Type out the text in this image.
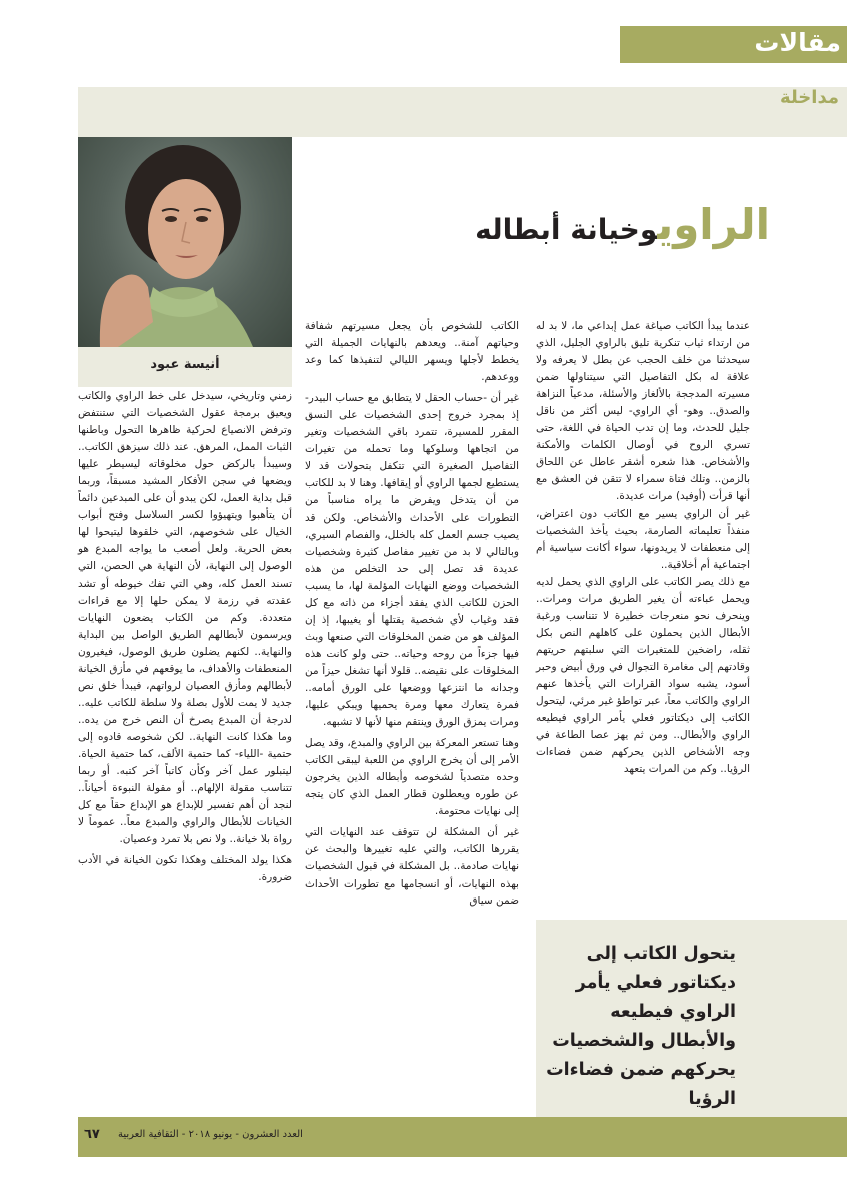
مقالات
مداخلة
أنيسة عبود
الراويوخيانة أبطاله

عندما يبدأ الكاتب صياغة عمل إبداعي ما، لا بد له من ارتداء ثياب تنكرية تليق بالراوي الجليل، الذي سيحدثنا من خلف الحجب عن بطل لا يعرفه ولا علاقة له بكل التفاصيل التي سيتناولها ضمن مسيرته المدججة بالألغاز والأسئلة، مدعياً النزاهة والصدق.. وهو- أي الراوي- ليس أكثر من ناقل جليل للحدث، وما إن تدب الحياة في اللغة، حتى تسري الروح في أوصال الكلمات والأمكنة والأشخاص. هذا شعره أشقر عاطل عن اللحاق بالزمن.. وتلك فتاة سمراء لا تتقن فن العشق مع أنها قرأت (أوفيد) مرات عديدة.

غير أن الراوي يسير مع الكاتب دون اعتراض، منفذاً تعليماته الصارمة، بحيث يأخذ الشخصيات إلى منعطفات لا يريدونها، سواء أكانت سياسية أم اجتماعية أم أخلاقية..

مع ذلك يصر الكاتب على الراوي الذي يحمل لديه ويحمل عباءته أن يغير الطريق مرات ومرات.. وينحرف نحو منعرجات خطيرة لا تتناسب ورغبة الأبطال الذين يحملون على كاهلهم النص بكل ثقله، راضخين للمتغيرات التي سلبتهم حريتهم وقادتهم إلى مغامرة التجوال في ورق أبيض وحبر أسود، يشبه سواد القرارات التي يأخذها عنهم الراوي والكاتب معاً، عبر تواطؤ غير مرئي، ليتحول الكاتب إلى ديكتاتور فعلي يأمر الراوي فيطيعه الراوي والأبطال.. ومن ثم يهز عصا الطاعة في وجه الأشخاص الذين يحركهم ضمن فضاءات الرؤيا.. وكم من المرات يتعهد

الكاتب للشخوص بأن يجعل مسيرتهم شفافة وحياتهم آمنة.. ويعدهم بالنهايات الجميلة التي يخطط لأجلها ويسهر الليالي لتنفيذها كما وعد ووعدهم.

غير أن -حساب الحقل لا يتطابق مع حساب البيدر- إذ بمجرد خروج إحدى الشخصيات على النسق المقرر للمسيرة، تتمرد باقي الشخصيات وتغير من اتجاهها وسلوكها وما تحمله من تغيرات التفاصيل الصغيرة التي تتكفل بتحولات قد لا يستطيع لجمها الراوي أو إيقافها. وهنا لا بد للكاتب من أن يتدخل ويفرض ما يراه مناسباً من التطورات على الأحداث والأشخاص. ولكن قد يصيب جسم العمل كله بالخلل، والفصام السيري، وبالتالي لا بد من تغيير مفاصل كثيرة وشخصيات عديدة قد تصل إلى حد التخلص من هذه الشخصيات ووضع النهايات المؤلمة لها، ما يسبب الحزن للكاتب الذي يفقد أجزاء من ذاته مع كل فقد وغياب لأي شخصية يقتلها أو يغيبها، إذ إن المؤلف هو من ضمن المخلوقات التي صنعها وبث فيها جزءاً من روحه وحياته.. حتى ولو كانت هذه المخلوقات على نقيضه.. قلولا أنها تشغل حيزاً من وجدانه ما انتزعها ووضعها على الورق أمامه.. فمرة يتعارك معها ومرة يحميها ويبكي عليها، ومرات يمزق الورق وينتقم منها لأنها لا تشبهه.

وهنا تستعر المعركة بين الراوي والمبدع، وقد يصل الأمر إلى أن يخرج الراوي من اللعبة ليبقى الكاتب وحده متصدياً لشخوصه وأبطاله الذين يخرجون عن طوره ويعطلون قطار العمل الذي كان يتجه إلى نهايات محتومة.

غير أن المشكلة لن تتوقف عند النهايات التي يقررها الكاتب، والتي عليه تغييرها والبحث عن نهايات صادمة.. بل المشكلة في قبول الشخصيات بهذه النهايات، أو انسجامها مع تطورات الأحداث ضمن سياق

زمني وتاريخي، سيدخل على خط الراوي والكاتب ويعيق برمجة عقول الشخصيات التي ستنتفض وترفض الانصياع لحركية ظاهرها التحول وباطنها الثبات الممل، المرهق. عند ذلك سيزهق الكاتب.. وسيبدأ بالركض حول مخلوقاته ليسيطر عليها ويضعها في سجن الأفكار المشيد مسبقاً، وربما قبل بداية العمل، لكن يبدو أن على المبدعين دائماً أن يتأهبوا ويتهيؤوا لكسر السلاسل وفتح أبواب الخيال على شخوصهم، التي خلقوها ليتيحوا لها بعض الحرية. ولعل أصعب ما يواجه المبدع هو الوصول إلى النهاية، لأن النهاية هي الحصن، التي تسند العمل كله، وهي التي تفك خيوطه أو تشد عقدته في رزمة لا يمكن حلها إلا مع قراءات متعددة. وكم من الكتاب يضعون النهايات ويرسمون لأبطالهم الطريق الواصل بين البداية والنهاية.. لكنهم يضلون طريق الوصول، فيغيرون المنعطفات والأهداف، ما يوقعهم في مأزق الخيانة لأبطالهم ومأزق العصيان لرواتهم، فيبدأ خلق نص جديد لا يمت للأول بصلة ولا سلطة للكاتب عليه.. لدرجة أن المبدع يصرخ أن النص خرج من يده.. وما هكذا كانت النهاية.. لكن شخوصه قادوه إلى حتمية -اللياء- كما حتمية الألف، كما حتمية الحياة. ليتبلور عمل آخر وكأن كاتباً آخر كتبه. أو ربما تتناسب مقولة الإلهام.. أو مقولة النبوءة أحياناً.. لنجد أن أهم تفسير للإبداع هو الإبداع حقاً مع كل الخيانات للأبطال والراوي والمبدع معاً.. عموماً لا رواة بلا خيانة.. ولا نص بلا تمرد وعصيان.

هكذا يولد المختلف وهكذا تكون الخيانة في الأدب ضرورة.	”
يتحول الكاتب إلى ديكتاتور فعلي يأمر الراوي فيطيعه والأبطال والشخصيات يحركهم ضمن فضاءات الرؤيا
٦٧ العدد العشرون - يونيو ٢٠١٨ - الثقافية العربية
